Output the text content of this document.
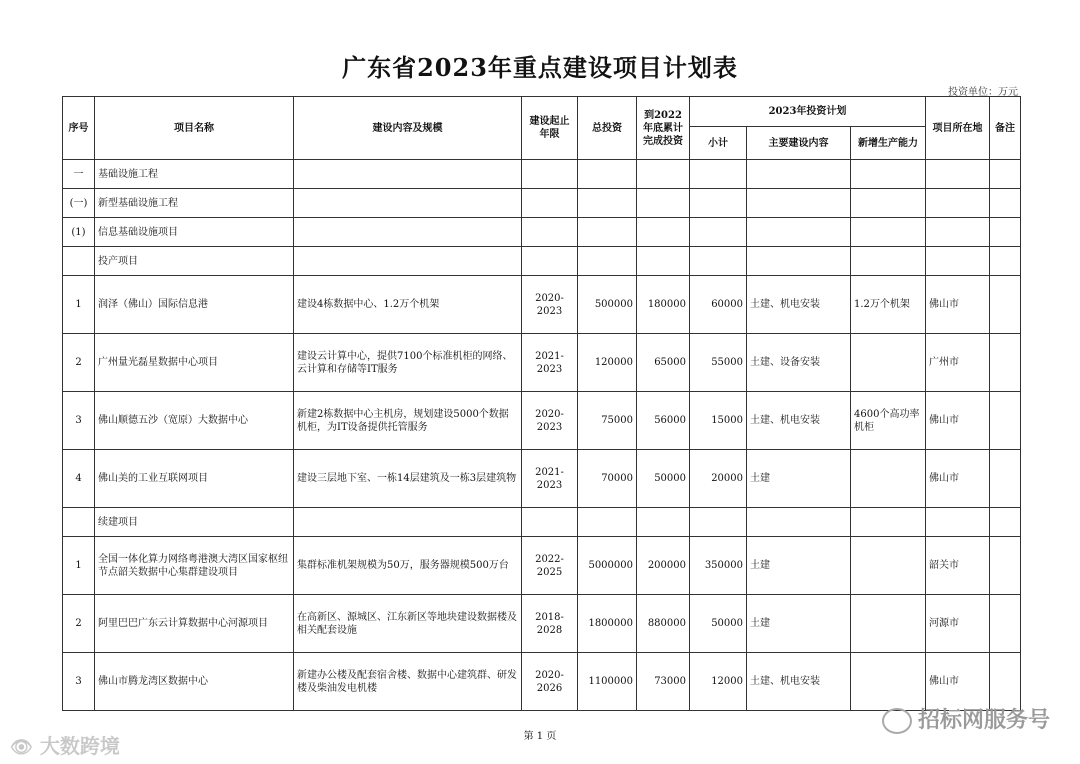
广东省2023年重点建设项目计划表
投资单位：万元
序号	项目名称	建设内容及规模	建设起止年限	总投资	到2022年底累计完成投资	2023年投资计划			项目所在地	备注
						小计	主要建设内容	新增生产能力		
一	基础设施工程									
(一)	新型基础设施工程									
(1)	信息基础设施项目									
	投产项目									
1	润泽（佛山）国际信息港	建设4栋数据中心、1.2万个机架	2020-2023	500000	180000	60000	土建、机电安装	1.2万个机架	佛山市	
2	广州量光磊星数据中心项目	建设云计算中心，提供7100个标准机柜的网络、云计算和存储等IT服务	2021-2023	120000	65000	55000	土建、设备安装		广州市	
3	佛山顺德五沙（宽原）大数据中心	新建2栋数据中心主机房，规划建设5000个数据机柜，为IT设备提供托管服务	2020-2023	75000	56000	15000	土建、机电安装	4600个高功率机柜	佛山市	
4	佛山美的工业互联网项目	建设三层地下室、一栋14层建筑及一栋3层建筑物	2021-2023	70000	50000	20000	土建		佛山市	
	续建项目									
1	全国一体化算力网络粤港澳大湾区国家枢纽节点韶关数据中心集群建设项目	集群标准机架规模为50万，服务器规模500万台	2022-2025	5000000	200000	350000	土建		韶关市	
2	阿里巴巴广东云计算数据中心河源项目	在高新区、源城区、江东新区等地块建设数据楼及相关配套设施	2018-2028	1800000	880000	50000	土建		河源市	
3	佛山市腾龙湾区数据中心	新建办公楼及配套宿舍楼、数据中心建筑群、研发楼及柴油发电机楼	2020-2026	1100000	73000	12000	土建、机电安装		佛山市	
第 1 页
👁 大数跨境
招标网服务号
